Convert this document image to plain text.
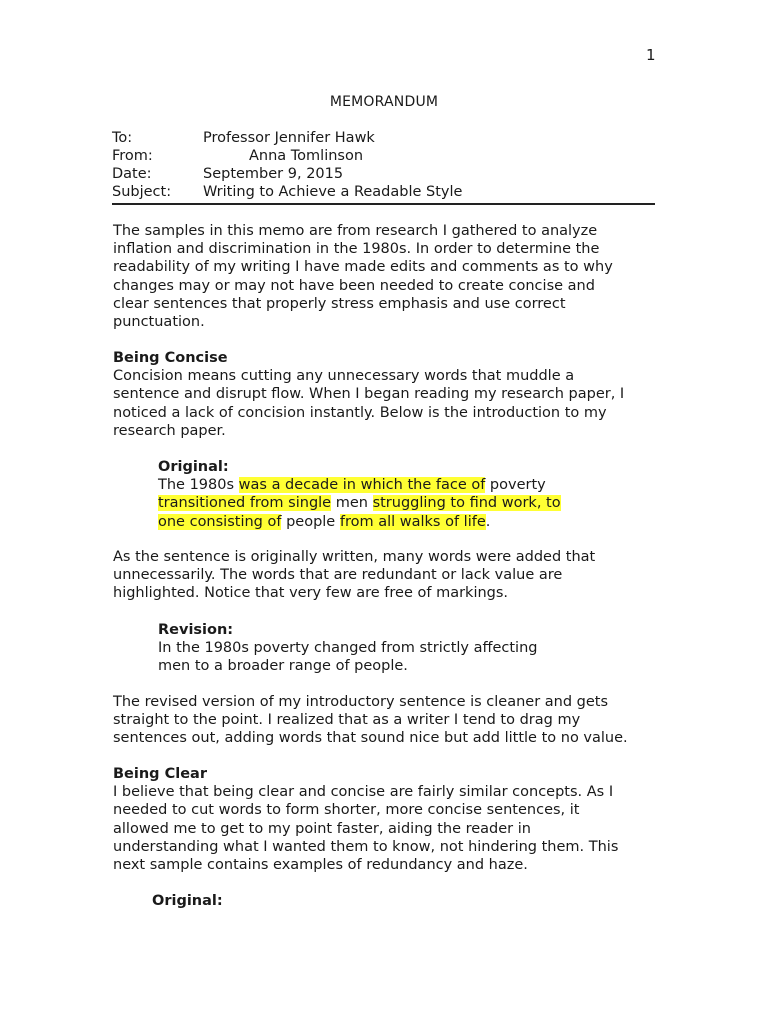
1
MEMORANDUM
To:	Professor Jennifer Hawk
From:	Anna Tomlinson
Date:	September 9, 2015
Subject:	Writing to Achieve a Readable Style
The samples in this memo are from research I gathered to analyze
inflation and discrimination in the 1980s. In order to determine the
readability of my writing I have made edits and comments as to why
changes may or may not have been needed to create concise and
clear sentences that properly stress emphasis and use correct
punctuation.
Being Concise
Concision means cutting any unnecessary words that muddle a
sentence and disrupt flow. When I began reading my research paper, I
noticed a lack of concision instantly. Below is the introduction to my
research paper.
Original:
The 1980s was a decade in which the face of poverty
transitioned from single men struggling to find work, to
one consisting of people from all walks of life.
As the sentence is originally written, many words were added that
unnecessarily. The words that are redundant or lack value are
highlighted. Notice that very few are free of markings.
Revision:
In the 1980s poverty changed from strictly affecting
men to a broader range of people.
The revised version of my introductory sentence is cleaner and gets
straight to the point. I realized that as a writer I tend to drag my
sentences out, adding words that sound nice but add little to no value.
Being Clear
I believe that being clear and concise are fairly similar concepts. As I
needed to cut words to form shorter, more concise sentences, it
allowed me to get to my point faster, aiding the reader in
understanding what I wanted them to know, not hindering them. This
next sample contains examples of redundancy and haze.
Original:
